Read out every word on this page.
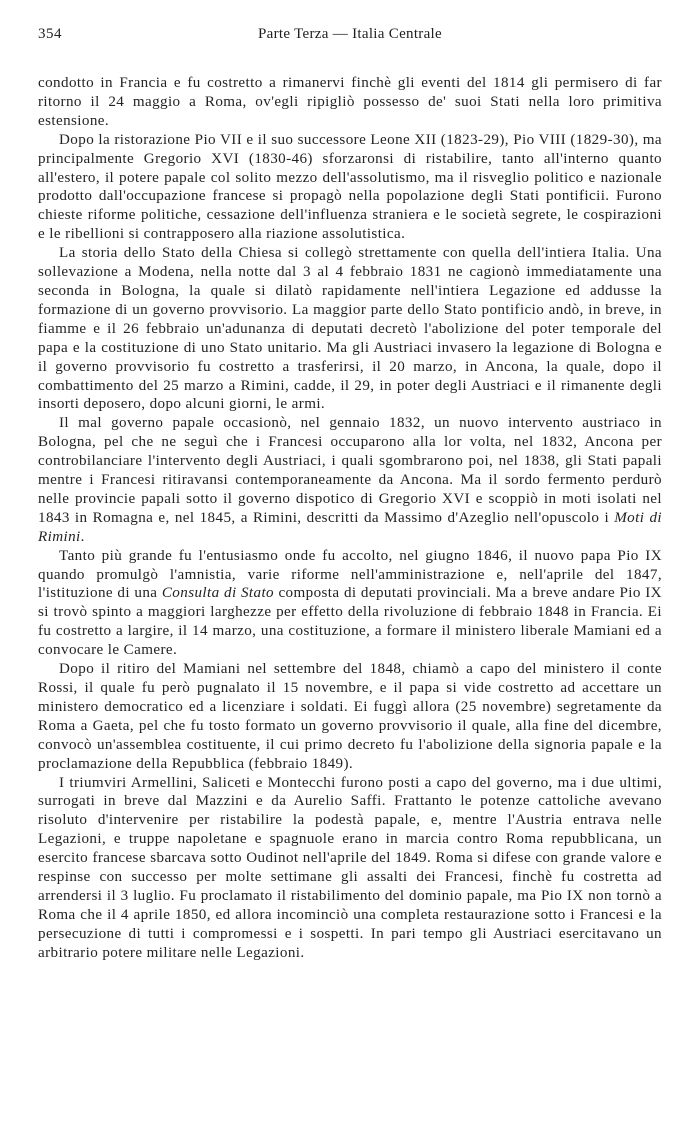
354	Parte Terza — Italia Centrale

condotto in Francia e fu costretto a rimanervi finchè gli eventi del 1814 gli permisero di far ritorno il 24 maggio a Roma, ov'egli ripigliò possesso de' suoi Stati nella loro primitiva estensione.

Dopo la ristorazione Pio VII e il suo successore Leone XII (1823-29), Pio VIII (1829-30), ma principalmente Gregorio XVI (1830-46) sforzaronsi di ristabilire, tanto all'interno quanto all'estero, il potere papale col solito mezzo dell'assolutismo, ma il risveglio politico e nazionale prodotto dall'occupazione francese si propagò nella popolazione degli Stati pontificii. Furono chieste riforme politiche, cessazione dell'influenza straniera e le società segrete, le cospirazioni e le ribellioni si contrapposero alla riazione assolutistica.

La storia dello Stato della Chiesa si collegò strettamente con quella dell'intiera Italia. Una sollevazione a Modena, nella notte dal 3 al 4 febbraio 1831 ne cagionò immediatamente una seconda in Bologna, la quale si dilatò rapidamente nell'intiera Legazione ed addusse la formazione di un governo provvisorio. La maggior parte dello Stato pontificio andò, in breve, in fiamme e il 26 febbraio un'adunanza di deputati decretò l'abolizione del poter temporale del papa e la costituzione di uno Stato unitario. Ma gli Austriaci invasero la legazione di Bologna e il governo provvisorio fu costretto a trasferirsi, il 20 marzo, in Ancona, la quale, dopo il combattimento del 25 marzo a Rimini, cadde, il 29, in poter degli Austriaci e il rimanente degli insorti deposero, dopo alcuni giorni, le armi.

Il mal governo papale occasionò, nel gennaio 1832, un nuovo intervento austriaco in Bologna, pel che ne seguì che i Francesi occuparono alla lor volta, nel 1832, Ancona per controbilanciare l'intervento degli Austriaci, i quali sgombrarono poi, nel 1838, gli Stati papali mentre i Francesi ritiravansi contemporaneamente da Ancona. Ma il sordo fermento perdurò nelle provincie papali sotto il governo dispotico di Gregorio XVI e scoppiò in moti isolati nel 1843 in Romagna e, nel 1845, a Rimini, descritti da Massimo d'Azeglio nell'opuscolo i Moti di Rimini.

Tanto più grande fu l'entusiasmo onde fu accolto, nel giugno 1846, il nuovo papa Pio IX quando promulgò l'amnistia, varie riforme nell'amministrazione e, nell'aprile del 1847, l'istituzione di una Consulta di Stato composta di deputati provinciali. Ma a breve andare Pio IX si trovò spinto a maggiori larghezze per effetto della rivoluzione di febbraio 1848 in Francia. Ei fu costretto a largire, il 14 marzo, una costituzione, a formare il ministero liberale Mamiani ed a convocare le Camere.

Dopo il ritiro del Mamiani nel settembre del 1848, chiamò a capo del ministero il conte Rossi, il quale fu però pugnalato il 15 novembre, e il papa si vide costretto ad accettare un ministero democratico ed a licenziare i soldati. Ei fuggì allora (25 novembre) segretamente da Roma a Gaeta, pel che fu tosto formato un governo provvisorio il quale, alla fine del dicembre, convocò un'assemblea costituente, il cui primo decreto fu l'abolizione della signoria papale e la proclamazione della Repubblica (febbraio 1849).

I triumviri Armellini, Saliceti e Montecchi furono posti a capo del governo, ma i due ultimi, surrogati in breve dal Mazzini e da Aurelio Saffi. Frattanto le potenze cattoliche avevano risoluto d'intervenire per ristabilire la podestà papale, e, mentre l'Austria entrava nelle Legazioni, e truppe napoletane e spagnuole erano in marcia contro Roma repubblicana, un esercito francese sbarcava sotto Oudinot nell'aprile del 1849. Roma si difese con grande valore e respinse con successo per molte settimane gli assalti dei Francesi, finchè fu costretta ad arrendersi il 3 luglio. Fu proclamato il ristabilimento del dominio papale, ma Pio IX non tornò a Roma che il 4 aprile 1850, ed allora incominciò una completa restaurazione sotto i Francesi e la persecuzione di tutti i compromessi e i sospetti. In pari tempo gli Austriaci esercitavano un arbitrario potere militare nelle Legazioni.
